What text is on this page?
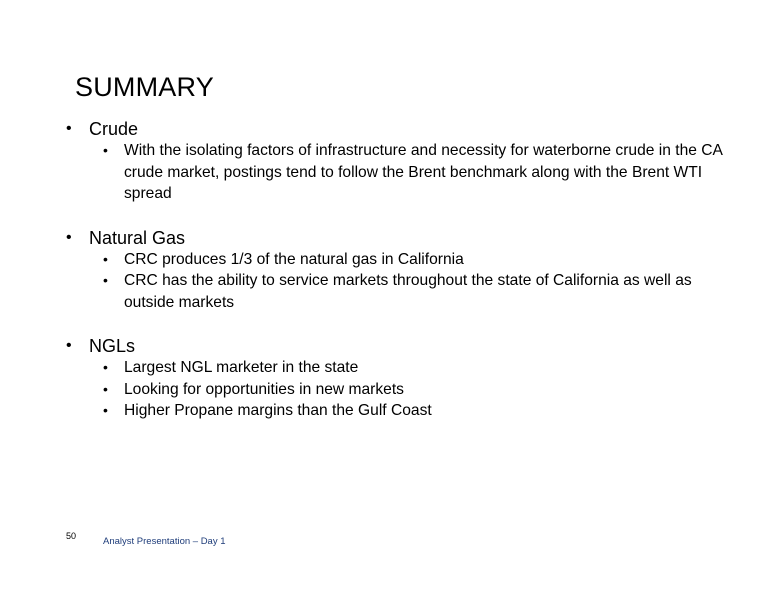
SUMMARY
• Crude
• With the isolating factors of infrastructure and necessity for waterborne crude in the CA crude market, postings tend to follow the Brent benchmark along with the Brent WTI spread
• Natural Gas
• CRC produces 1/3 of the natural gas in California
• CRC has the ability to service markets throughout the state of California as well as outside markets
• NGLs
• Largest NGL marketer in the state
• Looking for opportunities in new markets
• Higher Propane margins than the Gulf Coast
50	Analyst Presentation – Day 1
